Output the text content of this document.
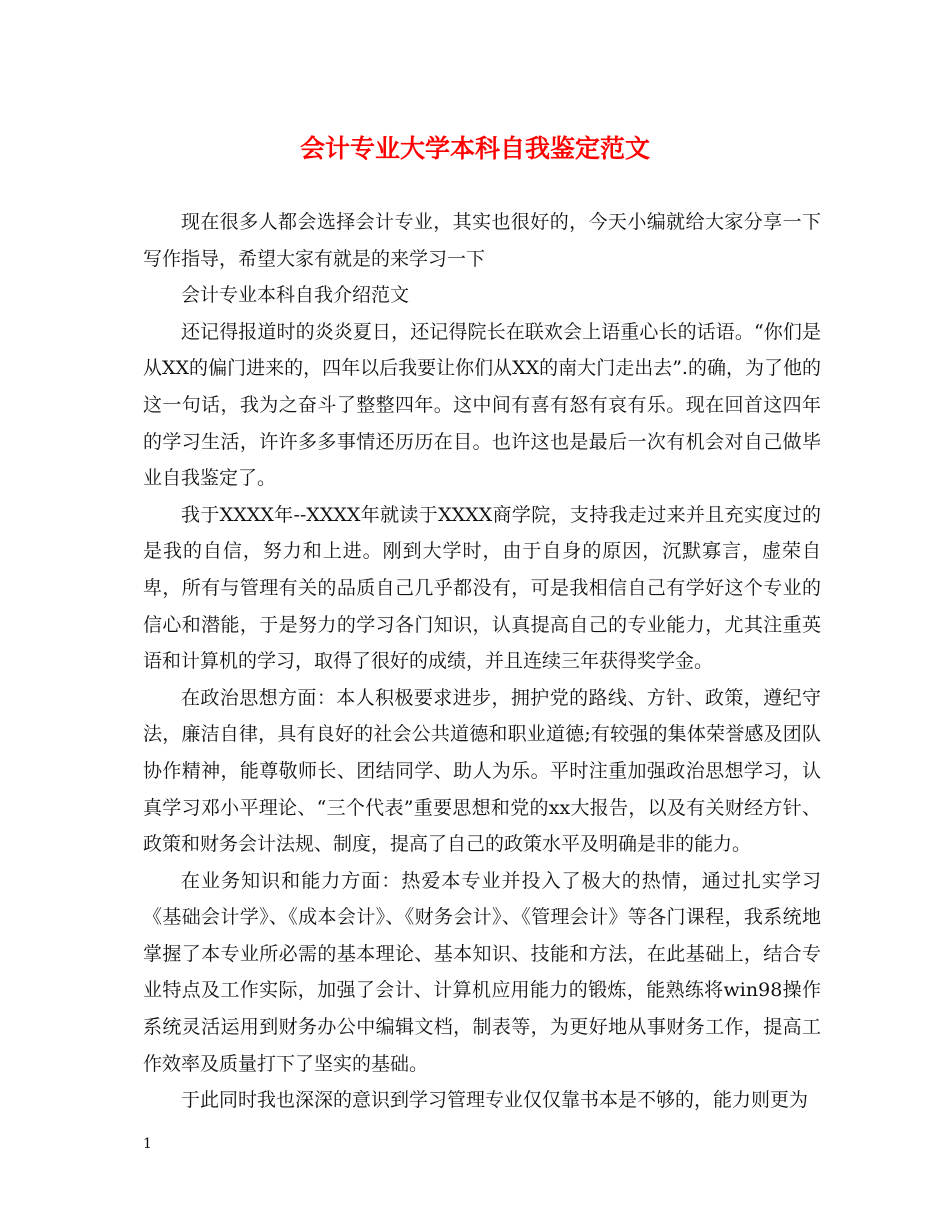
会计专业大学本科自我鉴定范文

现在很多人都会选择会计专业，其实也很好的，今天小编就给大家分享一下写作指导，希望大家有就是的来学习一下

会计专业本科自我介绍范文

还记得报道时的炎炎夏日，还记得院长在联欢会上语重心长的话语。“你们是从XX的偏门进来的，四年以后我要让你们从XX的南大门走出去”.的确，为了他的这一句话，我为之奋斗了整整四年。这中间有喜有怒有哀有乐。现在回首这四年的学习生活，许许多多事情还历历在目。也许这也是最后一次有机会对自己做毕业自我鉴定了。

我于XXXX年--XXXX年就读于XXXX商学院，支持我走过来并且充实度过的是我的自信，努力和上进。刚到大学时，由于自身的原因，沉默寡言，虚荣自卑，所有与管理有关的品质自己几乎都没有，可是我相信自己有学好这个专业的信心和潜能，于是努力的学习各门知识，认真提高自己的专业能力，尤其注重英语和计算机的学习，取得了很好的成绩，并且连续三年获得奖学金。

在政治思想方面：本人积极要求进步，拥护党的路线、方针、政策，遵纪守法，廉洁自律，具有良好的社会公共道德和职业道德;有较强的集体荣誉感及团队协作精神，能尊敬师长、团结同学、助人为乐。平时注重加强政治思想学习，认真学习邓小平理论、“三个代表”重要思想和党的xx大报告，以及有关财经方针、政策和财务会计法规、制度，提高了自己的政策水平及明确是非的能力。

在业务知识和能力方面：热爱本专业并投入了极大的热情，通过扎实学习《基础会计学》、《成本会计》、《财务会计》、《管理会计》等各门课程，我系统地掌握了本专业所必需的基本理论、基本知识、技能和方法，在此基础上，结合专业特点及工作实际，加强了会计、计算机应用能力的锻炼，能熟练将win98操作系统灵活运用到财务办公中编辑文档，制表等，为更好地从事财务工作，提高工作效率及质量打下了坚实的基础。

于此同时我也深深的意识到学习管理专业仅仅靠书本是不够的，能力则更为

1
